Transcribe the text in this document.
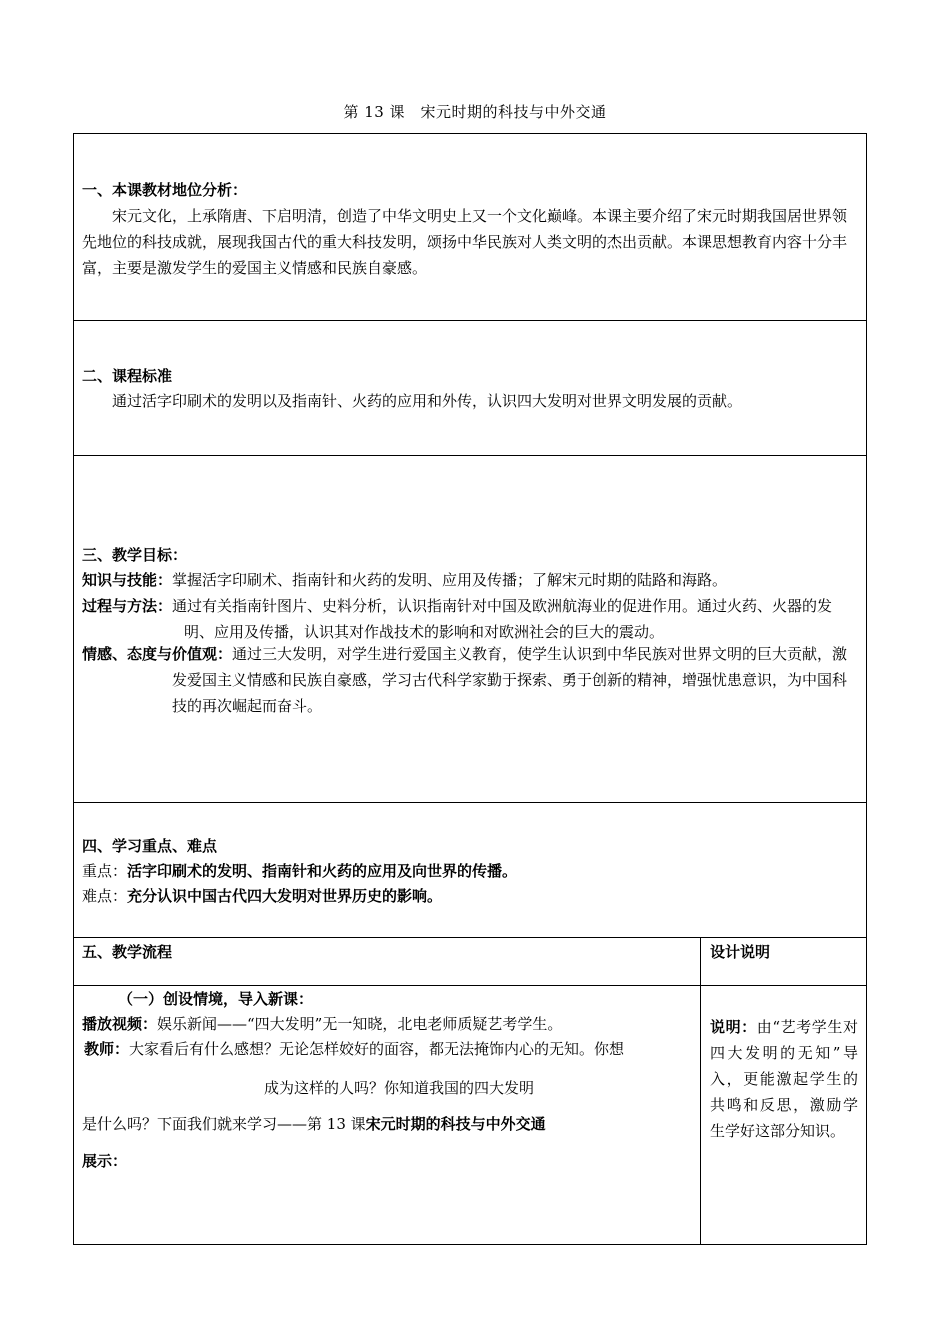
第 13 课　宋元时期的科技与中外交通
一、本课教材地位分析：
宋元文化，上承隋唐、下启明清，创造了中华文明史上又一个文化巅峰。本课主要介绍了宋元时期我国居世界领先地位的科技成就，展现我国古代的重大科技发明，颂扬中华民族对人类文明的杰出贡献。本课思想教育内容十分丰富，主要是激发学生的爱国主义情感和民族自豪感。
二、课程标准
通过活字印刷术的发明以及指南针、火药的应用和外传，认识四大发明对世界文明发展的贡献。
三、教学目标：
知识与技能：掌握活字印刷术、指南针和火药的发明、应用及传播；了解宋元时期的陆路和海路。
过程与方法：通过有关指南针图片、史料分析，认识指南针对中国及欧洲航海业的促进作用。通过火药、火器的发明、应用及传播，认识其对作战技术的影响和对欧洲社会的巨大的震动。
情感、态度与价值观：通过三大发明，对学生进行爱国主义教育，使学生认识到中华民族对世界文明的巨大贡献，激发爱国主义情感和民族自豪感，学习古代科学家勤于探索、勇于创新的精神，增强忧患意识，为中国科技的再次崛起而奋斗。
四、学习重点、难点
重点：活字印刷术的发明、指南针和火药的应用及向世界的传播。
难点：充分认识中国古代四大发明对世界历史的影响。
五、教学流程	设计说明
（一）创设情境，导入新课：
播放视频：娱乐新闻——“四大发明”无一知晓，北电老师质疑艺考学生。
教师：大家看后有什么感想？无论怎样姣好的面容，都无法掩饰内心的无知。你想
成为这样的人吗？你知道我国的四大发明
是什么吗？下面我们就来学习——第 13 课宋元时期的科技与中外交通
展示：
说明：由“艺考学生对四大发明的无知”导入，更能激起学生的共鸣和反思，激励学生学好这部分知识。
